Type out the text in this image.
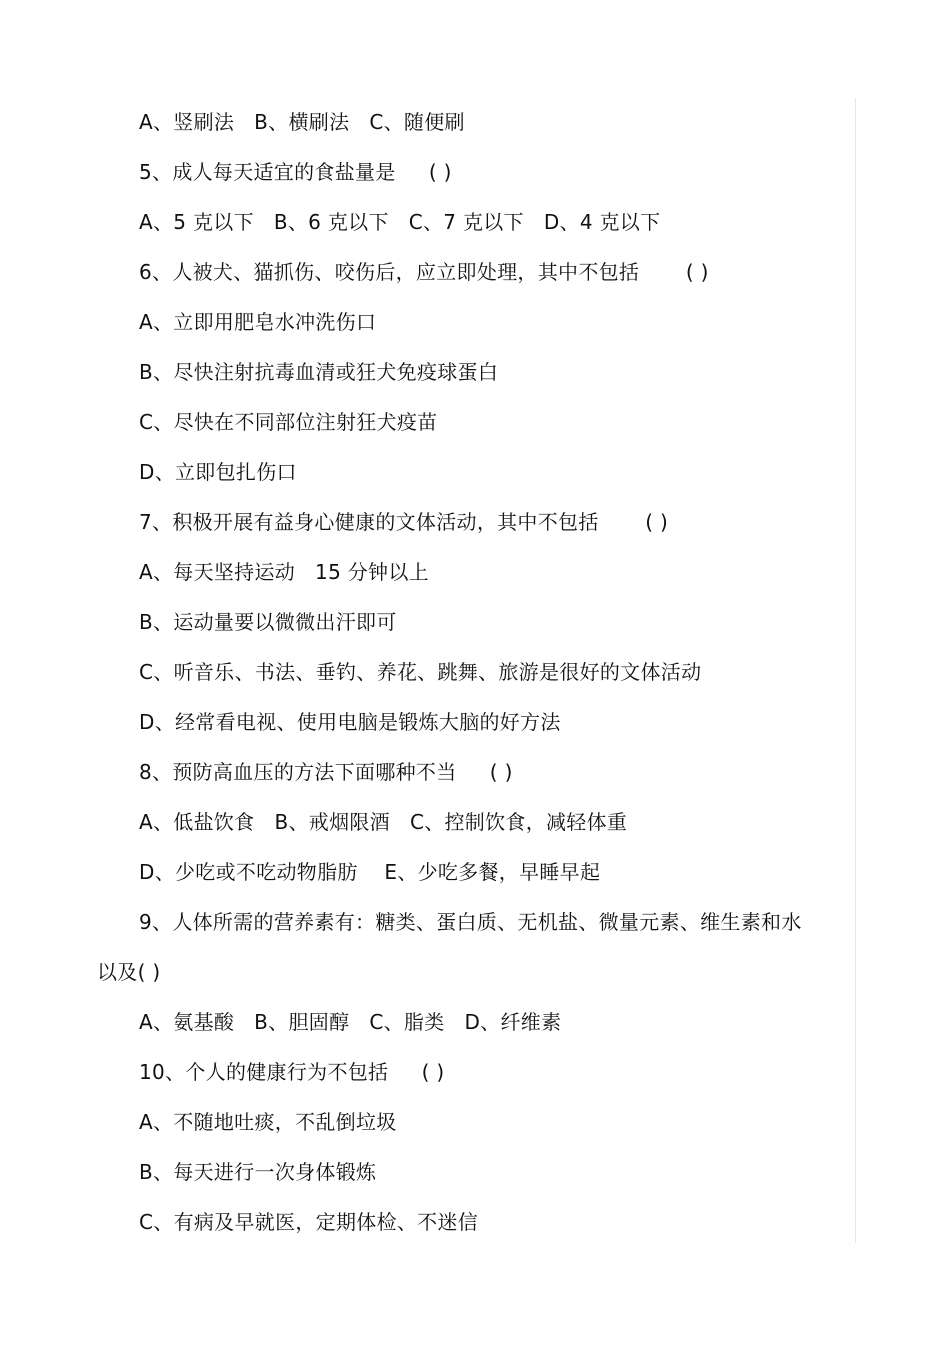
A、竖刷法   B、横刷法   C、随便刷
5、成人每天适宜的食盐量是     ( )
A、5 克以下   B、6 克以下   C、7 克以下   D、4 克以下
6、人被犬、猫抓伤、咬伤后，应立即处理，其中不包括       ( )
A、立即用肥皂水冲洗伤口
B、尽快注射抗毒血清或狂犬免疫球蛋白
C、尽快在不同部位注射狂犬疫苗
D、立即包扎伤口
7、积极开展有益身心健康的文体活动，其中不包括       ( )
A、每天坚持运动   15 分钟以上
B、运动量要以微微出汗即可
C、听音乐、书法、垂钓、养花、跳舞、旅游是很好的文体活动
D、经常看电视、使用电脑是锻炼大脑的好方法
8、预防高血压的方法下面哪种不当     ( )
A、低盐饮食   B、戒烟限酒   C、控制饮食，减轻体重
D、少吃或不吃动物脂肪    E、少吃多餐，早睡早起
9、人体所需的营养素有：糖类、蛋白质、无机盐、微量元素、维生素和水
以及( )
A、氨基酸   B、胆固醇   C、脂类   D、纤维素
10、个人的健康行为不包括     ( )
A、不随地吐痰，不乱倒垃圾
B、每天进行一次身体锻炼
C、有病及早就医，定期体检、不迷信
